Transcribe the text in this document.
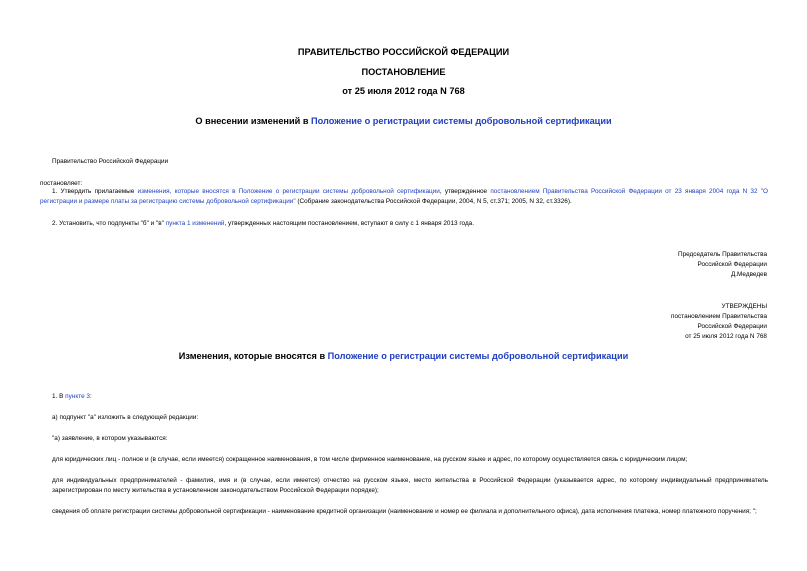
ПРАВИТЕЛЬСТВО РОССИЙСКОЙ ФЕДЕРАЦИИ
ПОСТАНОВЛЕНИЕ
от 25 июля 2012 года N 768
О внесении изменений в Положение о регистрации системы добровольной сертификации
Правительство Российской Федерации
постановляет:
1. Утвердить прилагаемые изменения, которые вносятся в Положение о регистрации системы добровольной сертификации, утвержденное постановлением Правительства Российской Федерации от 23 января 2004 года N 32 "О регистрации и размере платы за регистрацию системы добровольной сертификации" (Собрание законодательства Российской Федерации, 2004, N 5, ст.371; 2005, N 32, ст.3326).
2. Установить, что подпункты "б" и "в" пункта 1 изменений, утвержденных настоящим постановлением, вступают в силу с 1 января 2013 года.
Председатель Правительства
Российской Федерации
Д.Медведев
УТВЕРЖДЕНЫ
постановлением Правительства
Российской Федерации
от 25 июля 2012 года N 768
Изменения, которые вносятся в Положение о регистрации системы добровольной сертификации
1. В пункте 3:
а) подпункт "а" изложить в следующей редакции:
"а) заявление, в котором указываются:
для юридических лиц - полное и (в случае, если имеется) сокращенное наименования, в том числе фирменное наименование, на русском языке и адрес, по которому осуществляется связь с юридическим лицом;
для индивидуальных предпринимателей - фамилия, имя и (в случае, если имеется) отчество на русском языке, место жительства в Российской Федерации (указывается адрес, по которому индивидуальный предприниматель зарегистрирован по месту жительства в установленном законодательством Российской Федерации порядке);
сведения об оплате регистрации системы добровольной сертификации - наименование кредитной организации (наименование и номер ее филиала и дополнительного офиса), дата исполнения платежа, номер платежного поручения; ";
